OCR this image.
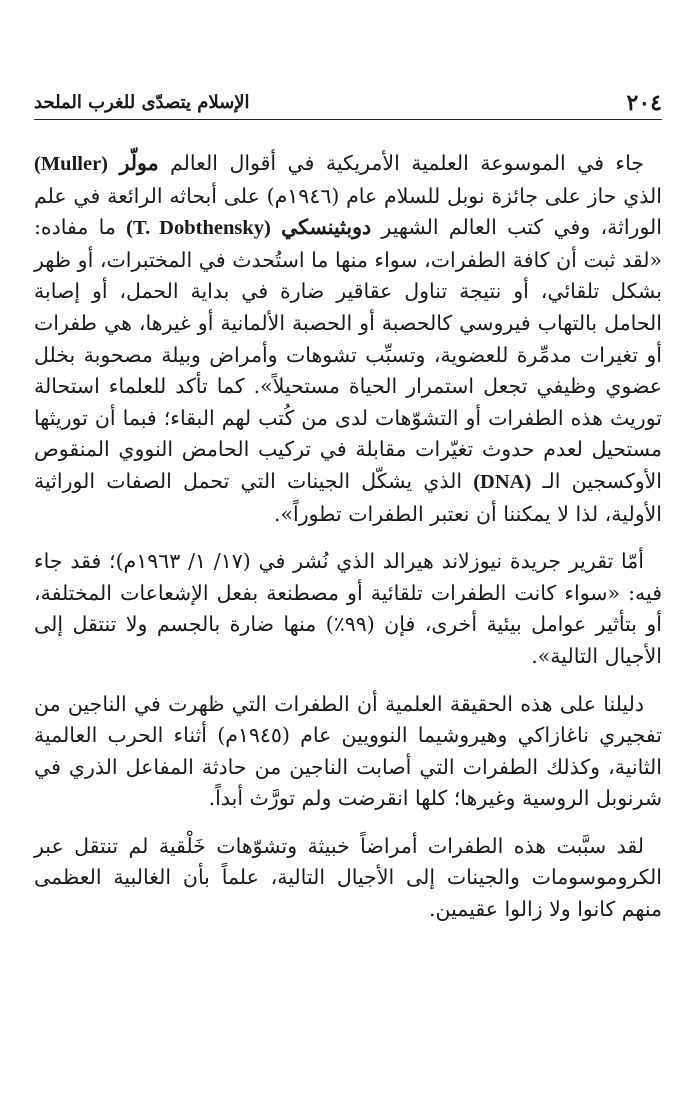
٢٠٤
الإسلام يتصدّى للغرب الملحد

جاء في الموسوعة العلمية الأمريكية في أقوال العالم مولّر (Muller) الذي حاز على جائزة نوبل للسلام عام (١٩٤٦م) على أبحاثه الرائعة في علم الوراثة، وفي كتب العالم الشهير دوبثينسكي (T. Dobthensky) ما مفاده: «لقد ثبت أن كافة الطفرات، سواء منها ما استُحدث في المختبرات، أو ظهر بشكل تلقائي، أو نتيجة تناول عقاقير ضارة في بداية الحمل، أو إصابة الحامل بالتهاب فيروسي كالحصبة أو الحصبة الألمانية أو غيرها، هي طفرات أو تغيرات مدمِّرة للعضوية، وتسبِّب تشوهات وأمراض وبيلة مصحوبة بخلل عضوي وظيفي تجعل استمرار الحياة مستحيلاً». كما تأكد للعلماء استحالة توريث هذه الطفرات أو التشوّهات لدى من كُتب لهم البقاء؛ فبما أن توريثها مستحيل لعدم حدوث تغيّرات مقابلة في تركيب الحامض النووي المنقوص الأوكسجين الـ (DNA) الذي يشكّل الجينات التي تحمل الصفات الوراثية الأولية، لذا لا يمكننا أن نعتبر الطفرات تطوراً».

أمّا تقرير جريدة نيوزلاند هيرالد الذي نُشر في (١٧/ ١/ ١٩٦٣م)؛ فقد جاء فيه: «سواء كانت الطفرات تلقائية أو مصطنعة بفعل الإشعاعات المختلفة، أو بتأثير عوامل بيئية أخرى، فإن (٩٩٪) منها ضارة بالجسم ولا تنتقل إلى الأجيال التالية».

دليلنا على هذه الحقيقة العلمية أن الطفرات التي ظهرت في الناجين من تفجيري ناغازاكي وهيروشيما النوويين عام (١٩٤٥م) أثناء الحرب العالمية الثانية، وكذلك الطفرات التي أصابت الناجين من حادثة المفاعل الذري في شرنوبل الروسية وغيرها؛ كلها انقرضت ولم تورَّث أبداً.

لقد سبَّبت هذه الطفرات أمراضاً خبيثة وتشوّهات خَلْقية لم تنتقل عبر الكروموسومات والجينات إلى الأجيال التالية، علماً بأن الغالبية العظمى منهم كانوا ولا زالوا عقيمين.
